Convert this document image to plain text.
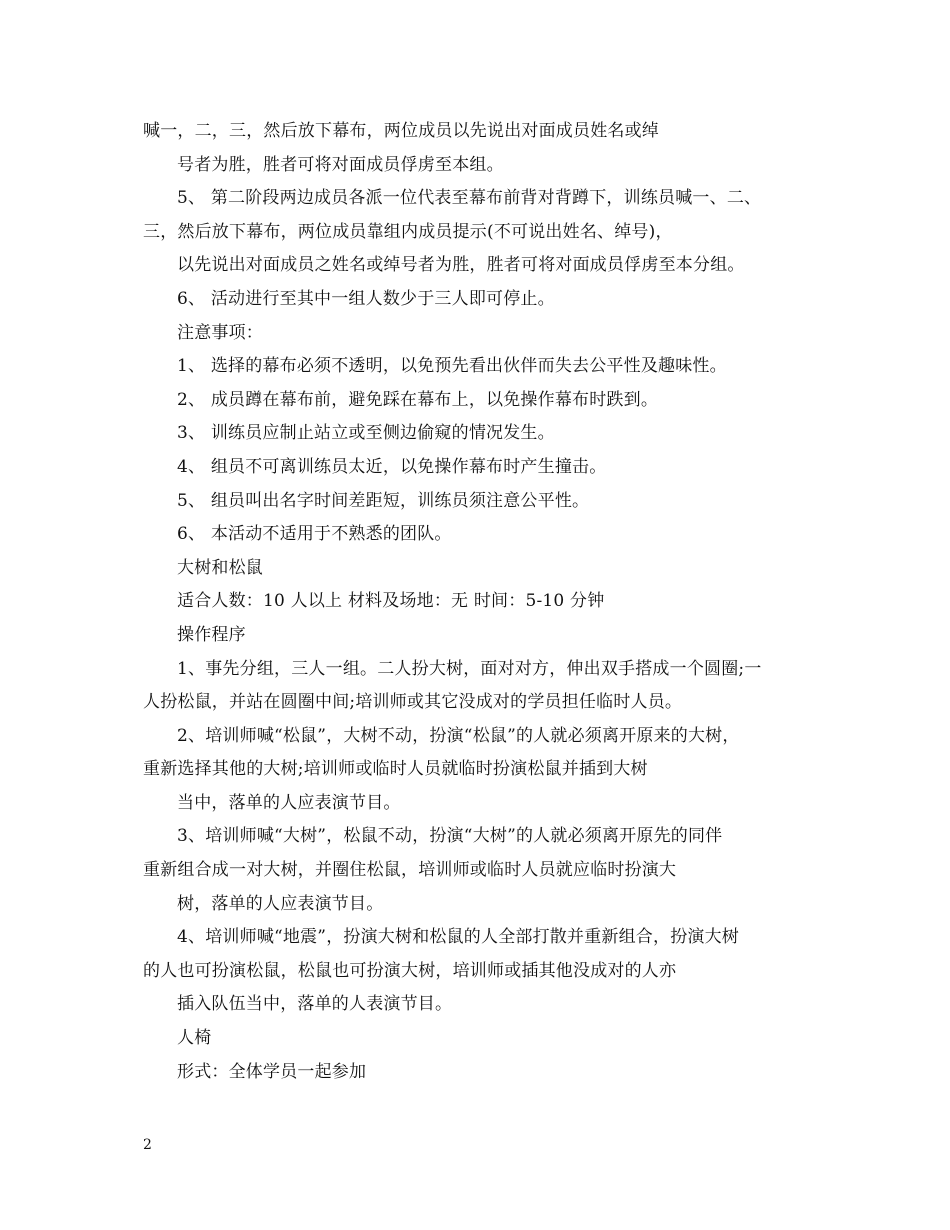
喊一，二，三，然后放下幕布，两位成员以先说出对面成员姓名或绰
号者为胜，胜者可将对面成员俘虏至本组。
5、 第二阶段两边成员各派一位代表至幕布前背对背蹲下，训练员喊一、二、
三，然后放下幕布，两位成员靠组内成员提示(不可说出姓名、绰号)，
以先说出对面成员之姓名或绰号者为胜，胜者可将对面成员俘虏至本分组。
6、 活动进行至其中一组人数少于三人即可停止。
注意事项：
1、 选择的幕布必须不透明，以免预先看出伙伴而失去公平性及趣味性。
2、 成员蹲在幕布前，避免踩在幕布上，以免操作幕布时跌到。
3、 训练员应制止站立或至侧边偷窥的情况发生。
4、 组员不可离训练员太近，以免操作幕布时产生撞击。
5、 组员叫出名字时间差距短，训练员须注意公平性。
6、 本活动不适用于不熟悉的团队。
大树和松鼠
适合人数：10 人以上 材料及场地：无 时间：5-10 分钟
操作程序
1、事先分组，三人一组。二人扮大树，面对对方，伸出双手搭成一个圆圈;一
人扮松鼠，并站在圆圈中间;培训师或其它没成对的学员担任临时人员。
2、培训师喊“松鼠”，大树不动，扮演“松鼠”的人就必须离开原来的大树，
重新选择其他的大树;培训师或临时人员就临时扮演松鼠并插到大树
当中，落单的人应表演节目。
3、培训师喊“大树”，松鼠不动，扮演“大树”的人就必须离开原先的同伴
重新组合成一对大树，并圈住松鼠，培训师或临时人员就应临时扮演大
树，落单的人应表演节目。
4、培训师喊“地震”，扮演大树和松鼠的人全部打散并重新组合，扮演大树
的人也可扮演松鼠，松鼠也可扮演大树，培训师或插其他没成对的人亦
插入队伍当中，落单的人表演节目。
人椅
形式：全体学员一起参加
2
